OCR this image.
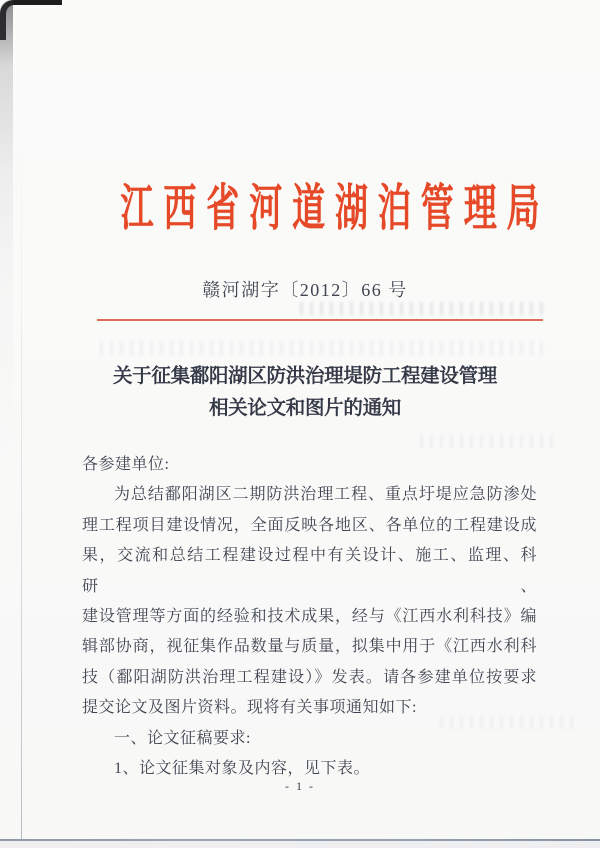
江西省河道湖泊管理局
赣河湖字〔2012〕66 号
关于征集鄱阳湖区防洪治理堤防工程建设管理
相关论文和图片的通知
各参建单位:
为总结鄱阳湖区二期防洪治理工程、重点圩堤应急防渗处
理工程项目建设情况，全面反映各地区、各单位的工程建设成
果，交流和总结工程建设过程中有关设计、施工、监理、科研、
建设管理等方面的经验和技术成果，经与《江西水利科技》编
辑部协商，视征集作品数量与质量，拟集中用于《江西水利科
技（鄱阳湖防洪治理工程建设）》发表。请各参建单位按要求
提交论文及图片资料。现将有关事项通知如下:
一、论文征稿要求:
1、论文征集对象及内容，见下表。
- 1 -
